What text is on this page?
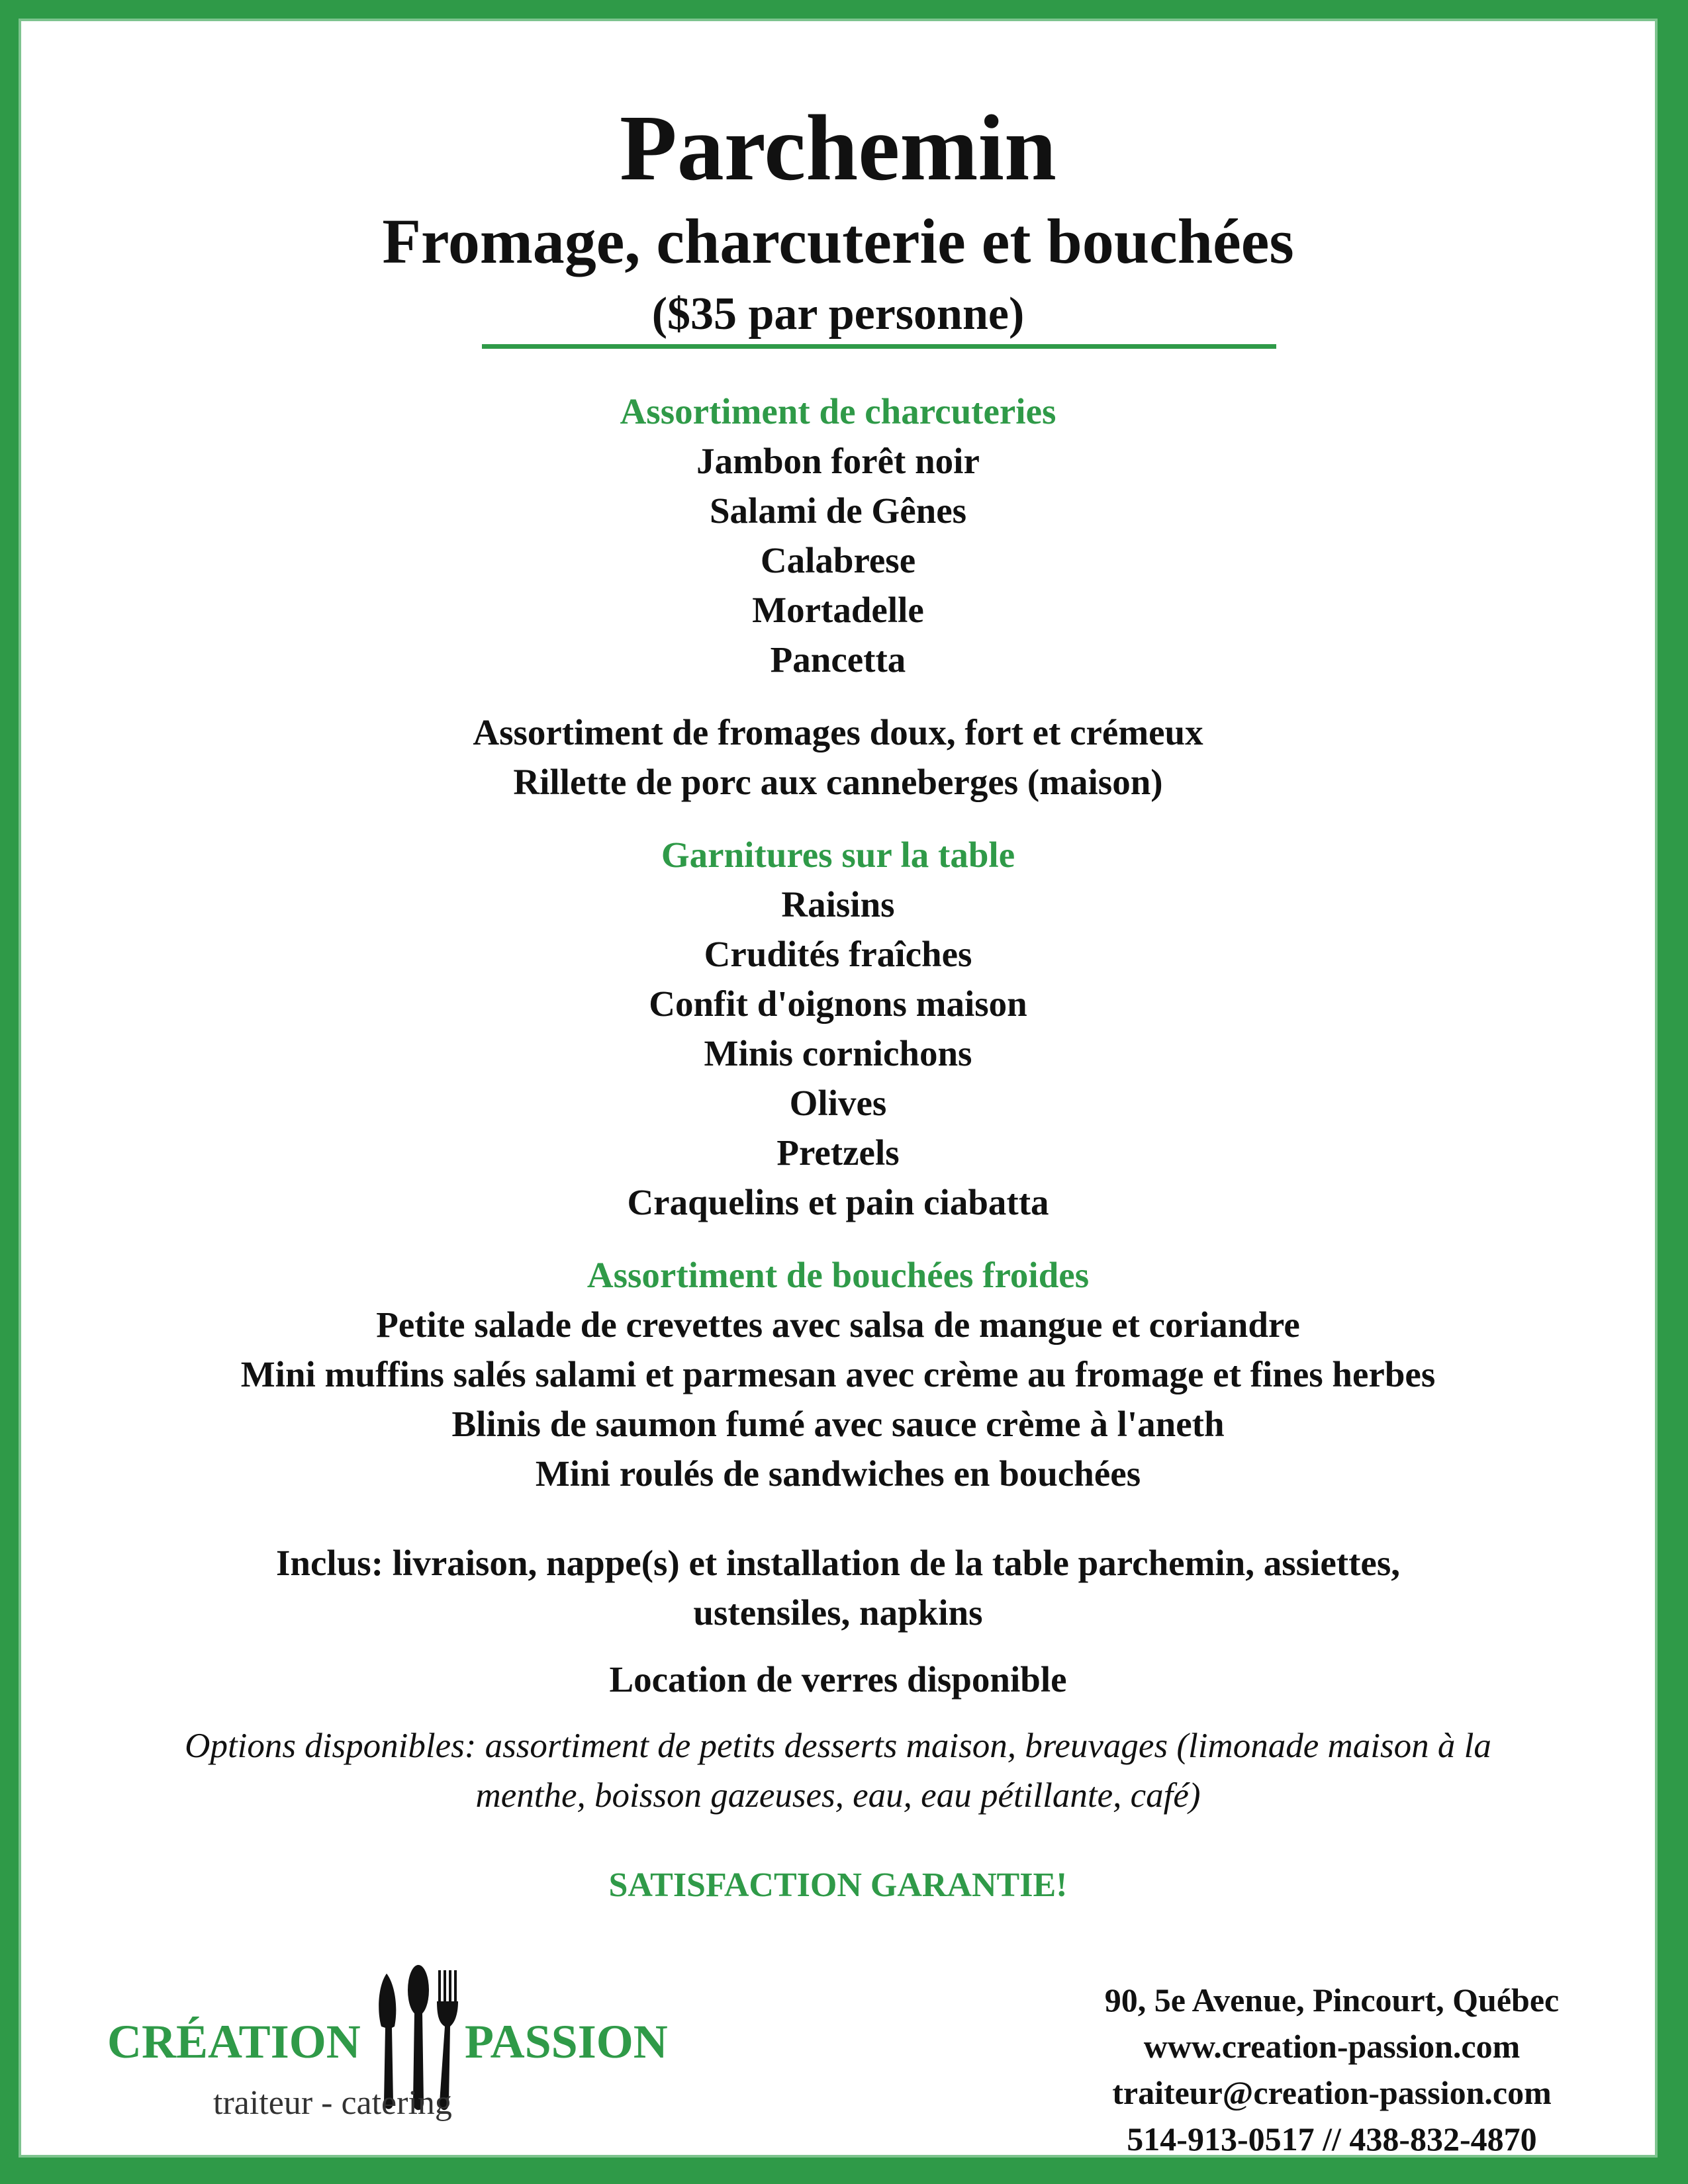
Parchemin
Fromage, charcuterie et bouchées
($35 par personne)
Assortiment de charcuteries
Jambon forêt noir
Salami de Gênes
Calabrese
Mortadelle
Pancetta
Assortiment de fromages doux, fort et crémeux
Rillette de porc aux canneberges (maison)
Garnitures sur la table
Raisins
Crudités fraîches
Confit d'oignons maison
Minis cornichons
Olives
Pretzels
Craquelins et pain ciabatta
Assortiment de bouchées froides
Petite salade de crevettes avec salsa de mangue et coriandre
Mini muffins salés salami et parmesan avec crème au fromage et fines herbes
Blinis de saumon fumé avec sauce crème à l'aneth
Mini roulés de sandwiches en bouchées
Inclus: livraison, nappe(s) et installation de la table parchemin, assiettes,
ustensiles, napkins
Location de verres disponible
Options disponibles: assortiment de petits desserts maison, breuvages (limonade maison à la
menthe, boisson gazeuses, eau, eau pétillante, café)
SATISFACTION GARANTIE!
CRÉATION PASSION
traiteur - catering
90, 5e Avenue, Pincourt, Québec
www.creation-passion.com
traiteur@creation-passion.com
514-913-0517 // 438-832-4870
